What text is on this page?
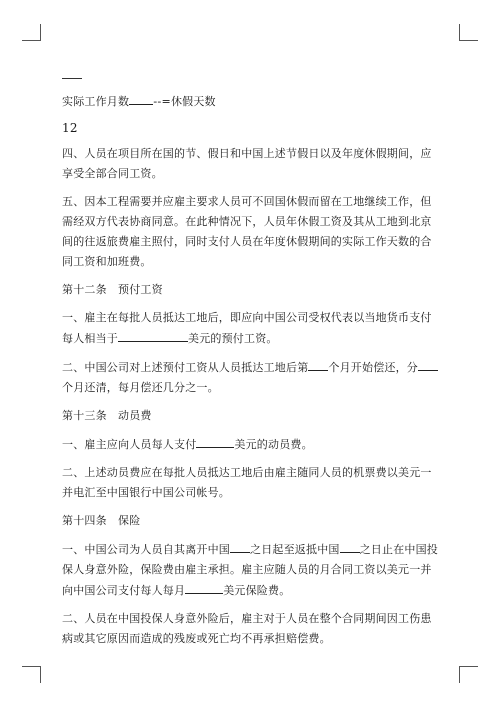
实际工作月数 --=休假天数

12

四、人员在项目所在国的节、假日和中国上述节假日以及年度休假期间，应享受全部合同工资。

五、因本工程需要并应雇主要求人员可不回国休假而留在工地继续工作，但需经双方代表协商同意。在此种情况下，人员年休假工资及其从工地到北京间的往返旅费雇主照付，同时支付人员在年度休假期间的实际工作天数的合同工资和加班费。

第十二条　预付工资

一、雇主在每批人员抵达工地后，即应向中国公司受权代表以当地货币支付每人相当于	美元的预付工资。

二、中国公司对上述预付工资从人员抵达工地后第 个月开始偿还，分个月还清，每月偿还几分之一。

第十三条　动员费

一、雇主应向人员每人支付	美元的动员费。

二、上述动员费应在每批人员抵达工地后由雇主随同人员的机票费以美元一并电汇至中国银行中国公司帐号。

第十四条　保险

一、中国公司为人员自其离开中国 之日起至返抵中国 之日止在中国投保人身意外险，保险费由雇主承担。雇主应随人员的月合同工资以美元一并向中国公司支付每人每月	美元保险费。

二、人员在中国投保人身意外险后，雇主对于人员在整个合同期间因工伤患病或其它原因而造成的残废或死亡均不再承担赔偿费。
